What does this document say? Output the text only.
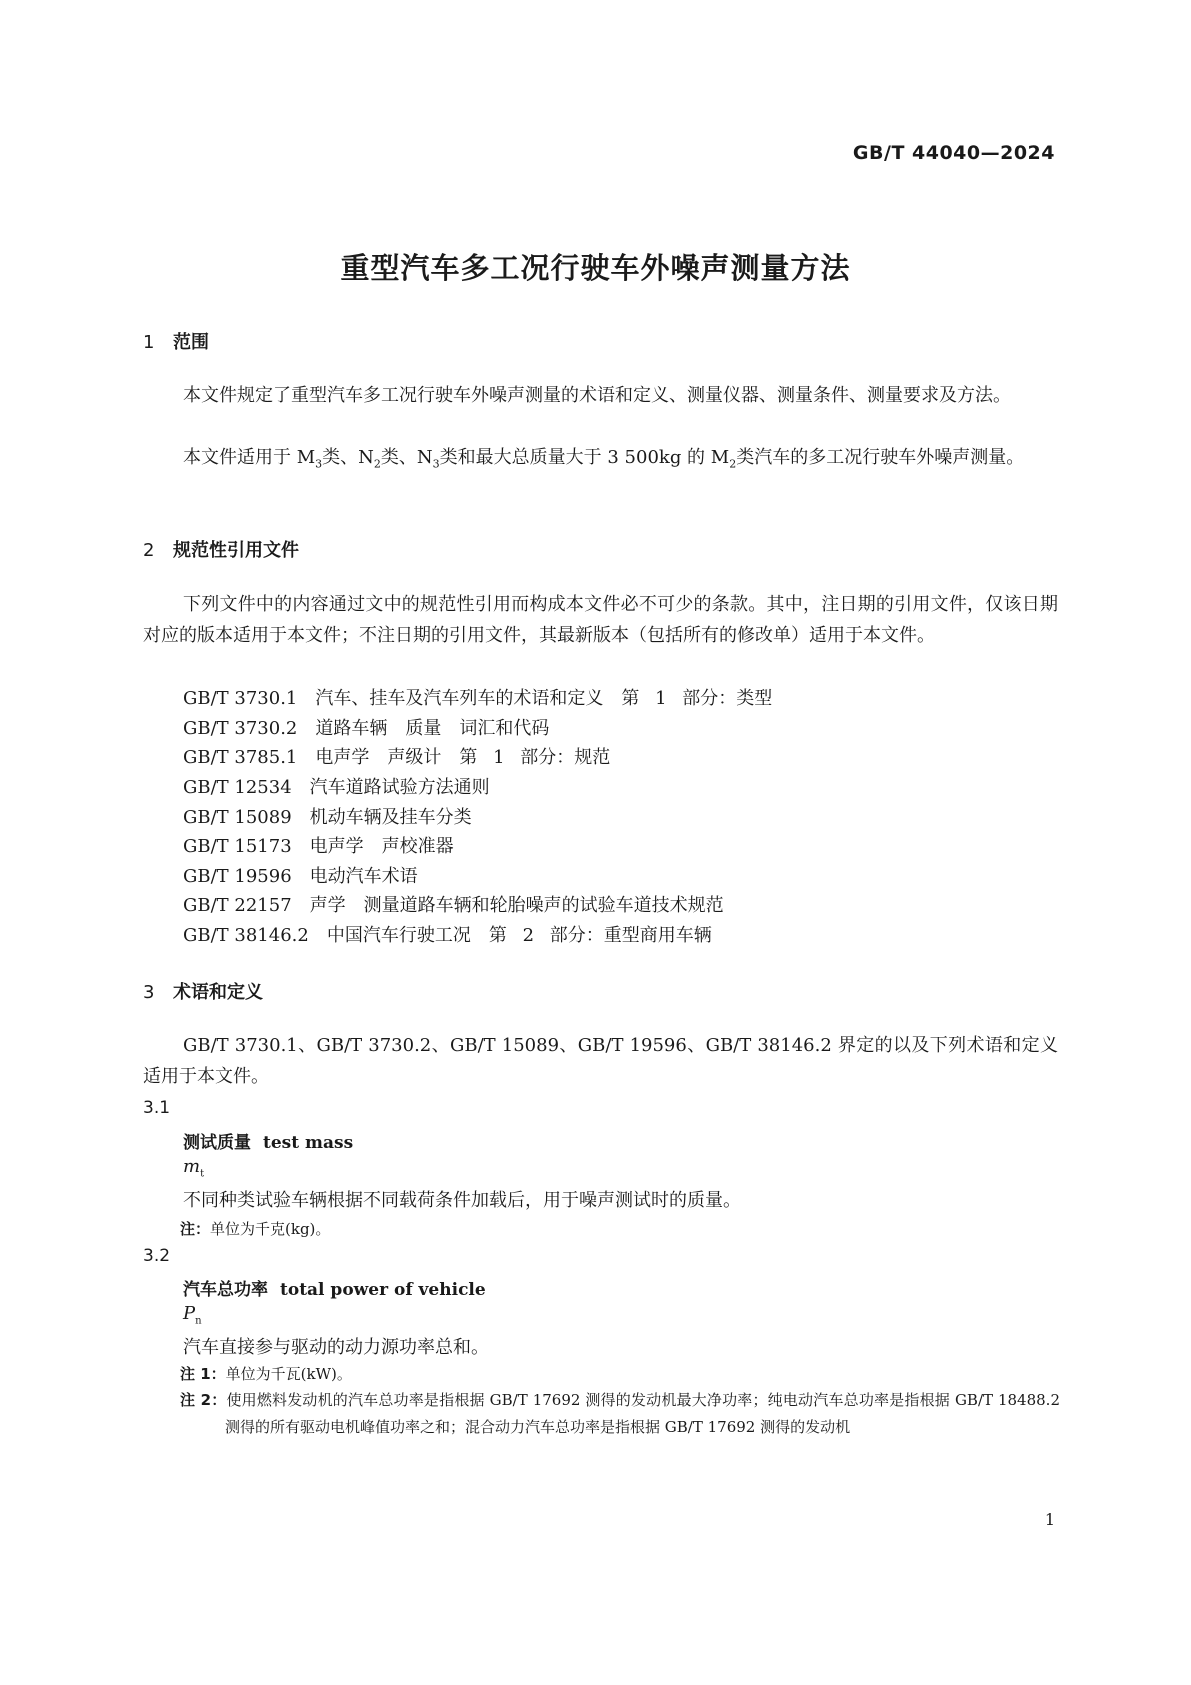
GB/T 44040—2024
重型汽车多工况行驶车外噪声测量方法
1 范围
本文件规定了重型汽车多工况行驶车外噪声测量的术语和定义、测量仪器、测量条件、测量要求及方法。
本文件适用于 $M_3$类、$N_2$类、$N_3$类和最大总质量大于 3 500kg 的 $M_2$类汽车的多工况行驶车外噪声测量。
2 规范性引用文件
下列文件中的内容通过文中的规范性引用而构成本文件必不可少的条款。其中，注日期的引用文件，仅该日期对应的版本适用于本文件；不注日期的引用文件，其最新版本（包括所有的修改单）适用于本文件。
GB/T 3730.1 汽车、挂车及汽车列车的术语和定义　第 1 部分：类型
GB/T 3730.2 道路车辆　质量　词汇和代码
GB/T 3785.1 电声学　声级计　第 1 部分：规范
GB/T 12534 汽车道路试验方法通则
GB/T 15089 机动车辆及挂车分类
GB/T 15173 电声学　声校准器
GB/T 19596 电动汽车术语
GB/T 22157 声学　测量道路车辆和轮胎噪声的试验车道技术规范
GB/T 38146.2 中国汽车行驶工况　第 2 部分：重型商用车辆
3 术语和定义
GB/T 3730.1、GB/T 3730.2、GB/T 15089、GB/T 19596、GB/T 38146.2 界定的以及下列术语和定义适用于本文件。
3.1
测试质量 test mass
$m_t$
不同种类试验车辆根据不同载荷条件加载后，用于噪声测试时的质量。
注：单位为千克(kg)。
3.2
汽车总功率 total power of vehicle
$P_n$
汽车直接参与驱动的动力源功率总和。
注 1：单位为千瓦(kW)。
注 2：使用燃料发动机的汽车总功率是指根据 GB/T 17692 测得的发动机最大净功率；纯电动汽车总功率是指根据 GB/T 18488.2 测得的所有驱动电机峰值功率之和；混合动力汽车总功率是指根据 GB/T 17692 测得的发动机
1
